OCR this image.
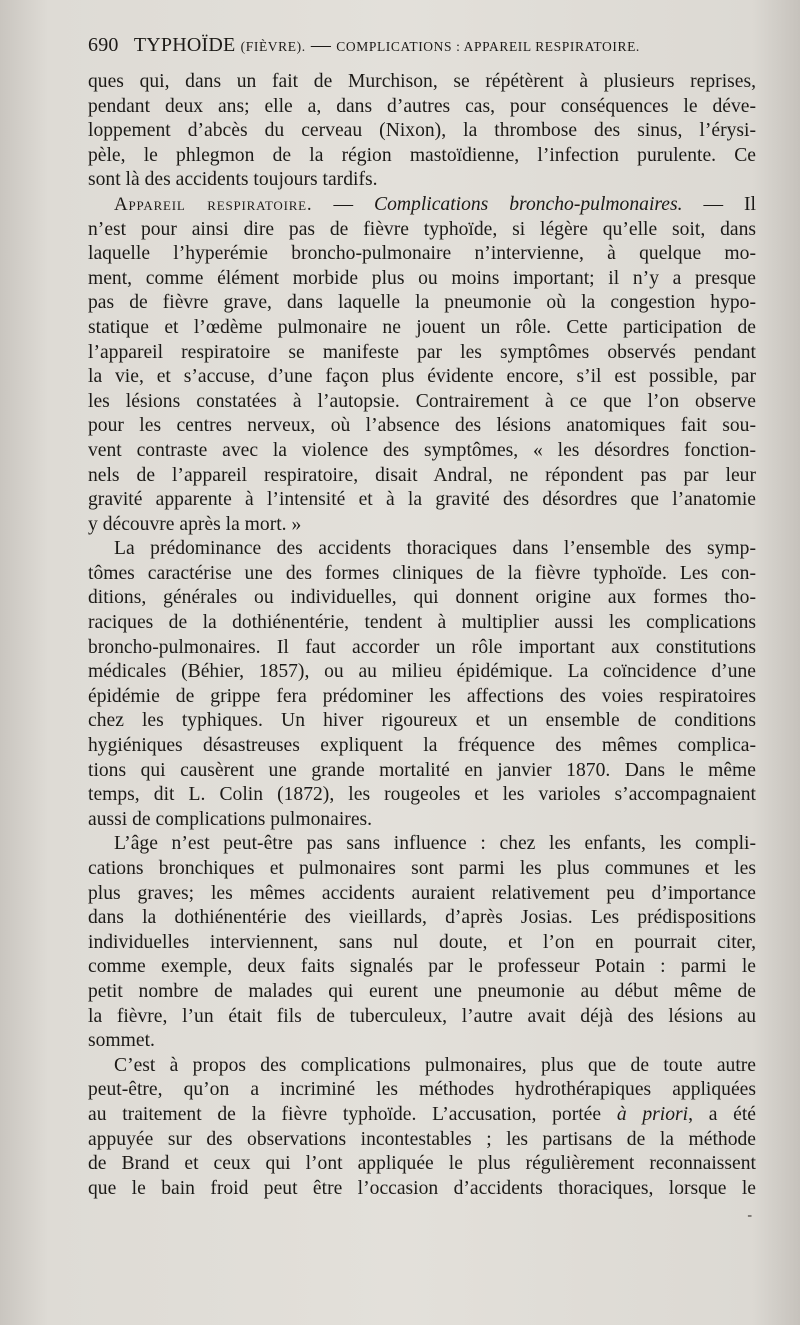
690 TYPHOÏDE (FIÈVRE). — COMPLICATIONS : APPAREIL RESPIRATOIRE.
ques qui, dans un fait de Murchison, se répétèrent à plusieurs reprises,
pendant deux ans; elle a, dans d’autres cas, pour conséquences le déve-
loppement d’abcès du cerveau (Nixon), la thrombose des sinus, l’érysi-
pèle, le phlegmon de la région mastoïdienne, l’infection purulente. Ce
sont là des accidents toujours tardifs.
Appareil respiratoire. — Complications broncho-pulmonaires. — Il
n’est pour ainsi dire pas de fièvre typhoïde, si légère qu’elle soit, dans
laquelle l’hyperémie broncho-pulmonaire n’intervienne, à quelque mo-
ment, comme élément morbide plus ou moins important; il n’y a presque
pas de fièvre grave, dans laquelle la pneumonie où la congestion hypo-
statique et l’œdème pulmonaire ne jouent un rôle. Cette participation de
l’appareil respiratoire se manifeste par les symptômes observés pendant
la vie, et s’accuse, d’une façon plus évidente encore, s’il est possible, par
les lésions constatées à l’autopsie. Contrairement à ce que l’on observe
pour les centres nerveux, où l’absence des lésions anatomiques fait sou-
vent contraste avec la violence des symptômes, « les désordres fonction-
nels de l’appareil respiratoire, disait Andral, ne répondent pas par leur
gravité apparente à l’intensité et à la gravité des désordres que l’anatomie
y découvre après la mort. »
La prédominance des accidents thoraciques dans l’ensemble des symp-
tômes caractérise une des formes cliniques de la fièvre typhoïde. Les con-
ditions, générales ou individuelles, qui donnent origine aux formes tho-
raciques de la dothiénentérie, tendent à multiplier aussi les complications
broncho-pulmonaires. Il faut accorder un rôle important aux constitutions
médicales (Béhier, 1857), ou au milieu épidémique. La coïncidence d’une
épidémie de grippe fera prédominer les affections des voies respiratoires
chez les typhiques. Un hiver rigoureux et un ensemble de conditions
hygiéniques désastreuses expliquent la fréquence des mêmes complica-
tions qui causèrent une grande mortalité en janvier 1870. Dans le même
temps, dit L. Colin (1872), les rougeoles et les varioles s’accompagnaient
aussi de complications pulmonaires.
L’âge n’est peut-être pas sans influence : chez les enfants, les compli-
cations bronchiques et pulmonaires sont parmi les plus communes et les
plus graves; les mêmes accidents auraient relativement peu d’importance
dans la dothiénentérie des vieillards, d’après Josias. Les prédispositions
individuelles interviennent, sans nul doute, et l’on en pourrait citer,
comme exemple, deux faits signalés par le professeur Potain : parmi le
petit nombre de malades qui eurent une pneumonie au début même de
la fièvre, l’un était fils de tuberculeux, l’autre avait déjà des lésions au
sommet.
C’est à propos des complications pulmonaires, plus que de toute autre
peut-être, qu’on a incriminé les méthodes hydrothérapiques appliquées
au traitement de la fièvre typhoïde. L’accusation, portée à priori, a été
appuyée sur des observations incontestables ; les partisans de la méthode
de Brand et ceux qui l’ont appliquée le plus régulièrement reconnaissent
que le bain froid peut être l’occasion d’accidents thoraciques, lorsque le
-
